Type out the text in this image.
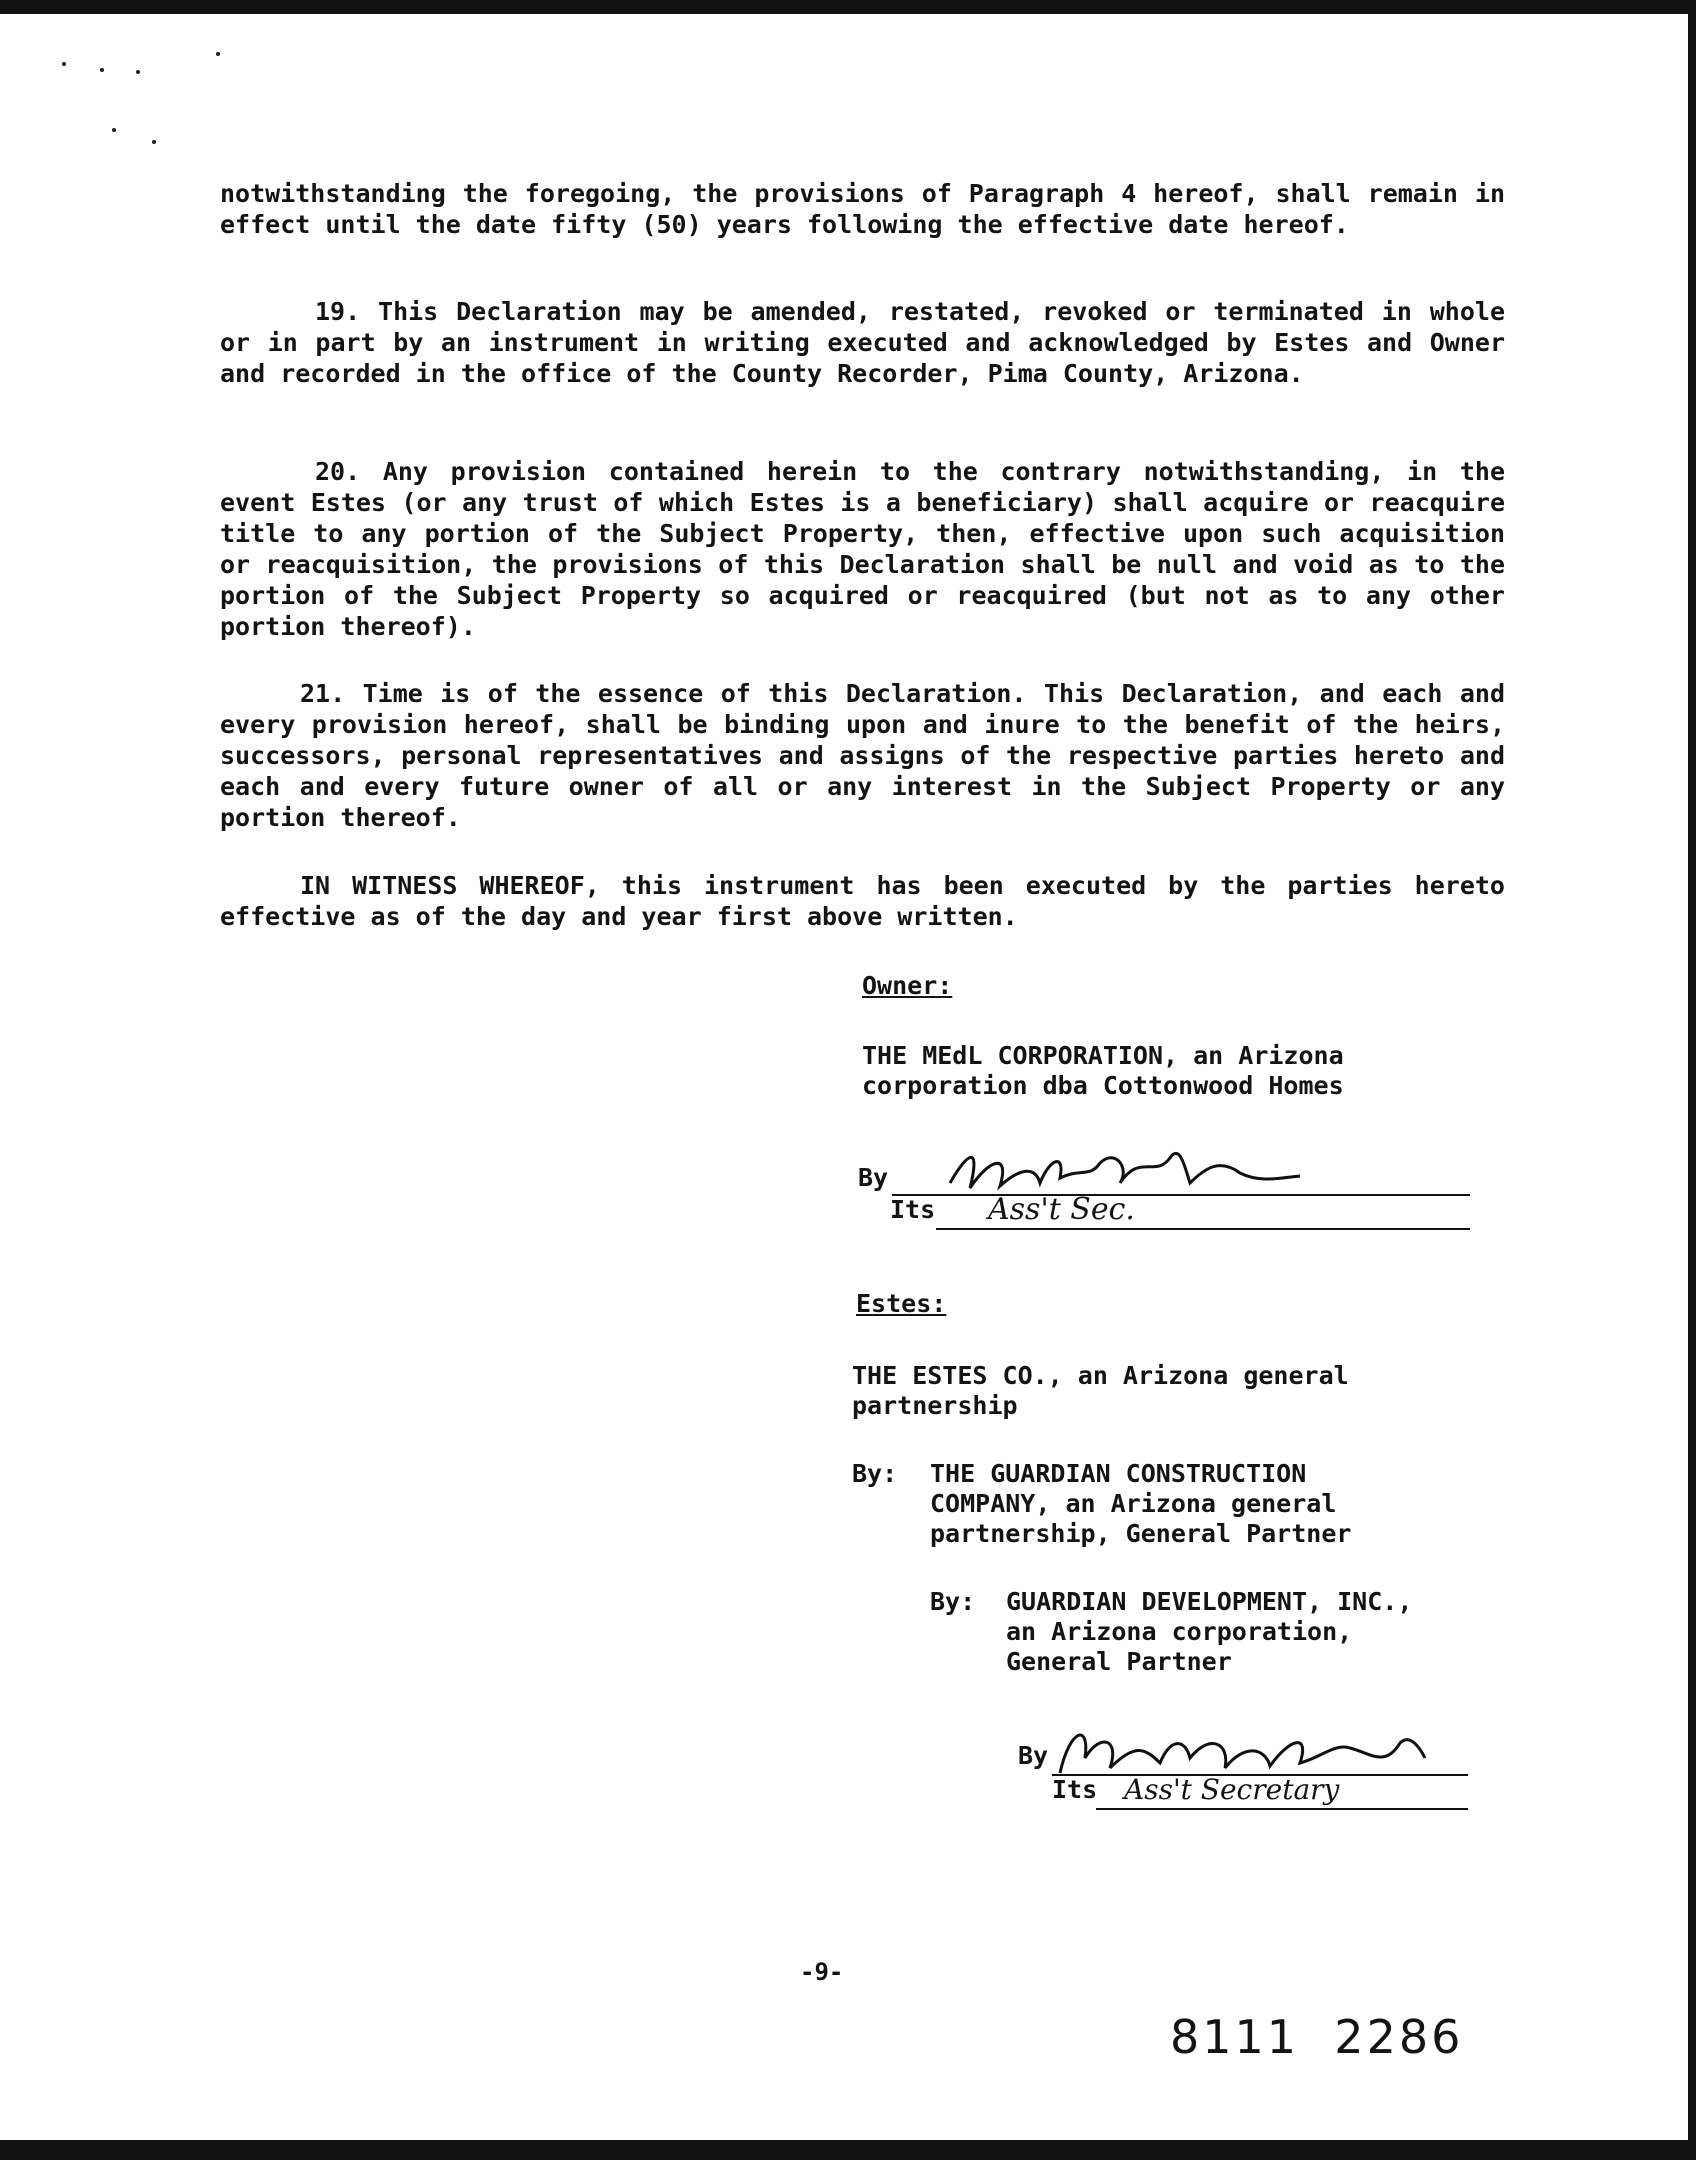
notwithstanding the foregoing, the provisions of Paragraph 4 hereof, shall remain in effect until the date fifty (50) years following the effective date hereof.

19. This Declaration may be amended, restated, revoked or terminated in whole or in part by an instrument in writing executed and acknowledged by Estes and Owner and recorded in the office of the County Recorder, Pima County, Arizona.

20. Any provision contained herein to the contrary notwithstanding, in the event Estes (or any trust of which Estes is a beneficiary) shall acquire or reacquire title to any portion of the Subject Property, then, effective upon such acquisition or reacquisition, the provisions of this Declaration shall be null and void as to the portion of the Subject Property so acquired or reacquired (but not as to any other portion thereof).

21. Time is of the essence of this Declaration. This Declaration, and each and every provision hereof, shall be binding upon and inure to the benefit of the heirs, successors, personal representatives and assigns of the respective parties hereto and each and every future owner of all or any interest in the Subject Property or any portion thereof.

IN WITNESS WHEREOF, this instrument has been executed by the parties hereto effective as of the day and year first above written.

Owner:
THE MEdL CORPORATION, an Arizona
corporation dba Cottonwood Homes
By
Its Ass't Sec.
Estes:
THE ESTES CO., an Arizona general
partnership
By: THE GUARDIAN CONSTRUCTION
COMPANY, an Arizona general
partnership, General Partner
By: GUARDIAN DEVELOPMENT, INC.,
an Arizona corporation,
General Partner
By
Its Ass't Secretary
-9-
8111  2286
